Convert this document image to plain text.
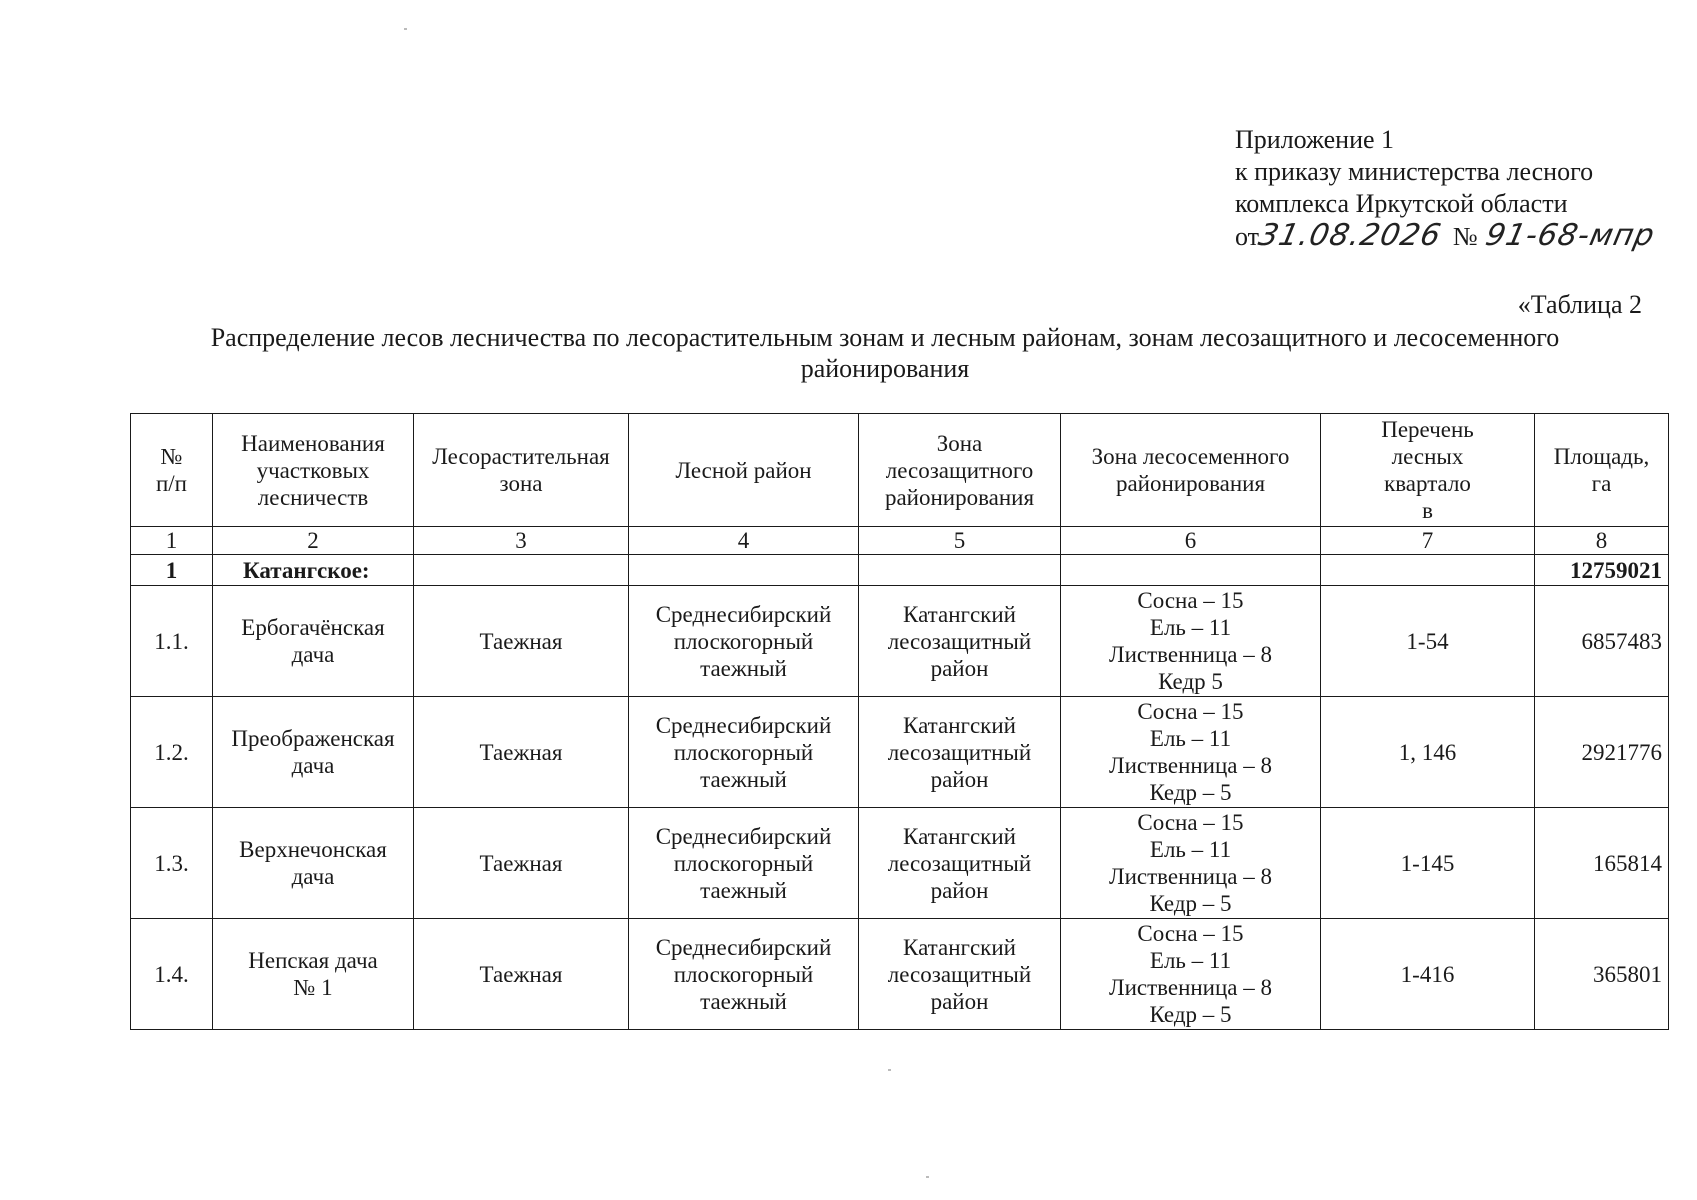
Приложение 1
к приказу министерства лесного
комплекса Иркутской области
от
31.08.2026 № 91-68-мпр
«Таблица 2
Распределение лесов лесничества по лесорастительным зонам и лесным районам, зонам лесозащитного и лесосеменного
районирования
№
п/п	Наименования
участковых
лесничеств	Лесорастительная
зона	Лесной район	Зона
лесозащитного
районирования	Зона лесосеменного
районирования	Перечень
лесных
квартало
в	Площадь,
га

1	2	3	4	5	6	7	8
1	Катангское:						12759021
1.1.	Ербогачёнская
дача	Таежная	Среднесибирский
плоскогорный
таежный	Катангский
лесозащитный
район	Сосна – 15
Ель – 11
Лиственница – 8
Кедр 5	1-54	6857483
1.2.	Преображенская
дача	Таежная	Среднесибирский
плоскогорный
таежный	Катангский
лесозащитный
район	Сосна – 15
Ель – 11
Лиственница – 8
Кедр – 5	1, 146	2921776
1.3.	Верхнечонская
дача	Таежная	Среднесибирский
плоскогорный
таежный	Катангский
лесозащитный
район	Сосна – 15
Ель – 11
Лиственница – 8
Кедр – 5	1-145	165814
1.4.	Непская дача
№ 1	Таежная	Среднесибирский
плоскогорный
таежный	Катангский
лесозащитный
район	Сосна – 15
Ель – 11
Лиственница – 8
Кедр – 5	1-416	365801
